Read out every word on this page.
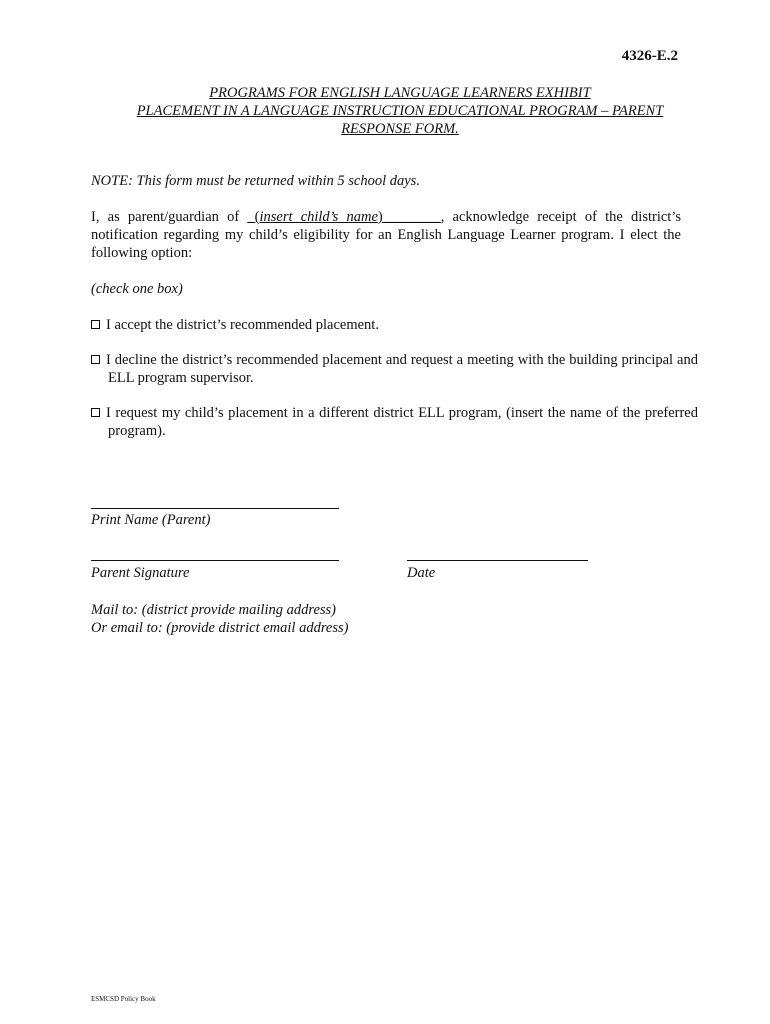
4326-E.2
PROGRAMS FOR ENGLISH LANGUAGE LEARNERS EXHIBIT
PLACEMENT IN A LANGUAGE INSTRUCTION EDUCATIONAL PROGRAM – PARENT
RESPONSE FORM.
NOTE: This form must be returned within 5 school days.
I, as parent/guardian of _(insert child’s name)________, acknowledge receipt of the district’s notification regarding my child’s eligibility for an English Language Learner program. I elect the following option:
(check one box)
I accept the district’s recommended placement.
I decline the district’s recommended placement and request a meeting with the building principal and ELL program supervisor.
I request my child’s placement in a different district ELL program, (insert the name of the preferred program).
Print Name (Parent)
Parent Signature	Date
Mail to: (district provide mailing address)
Or email to: (provide district email address)
ESMCSD Policy Book
